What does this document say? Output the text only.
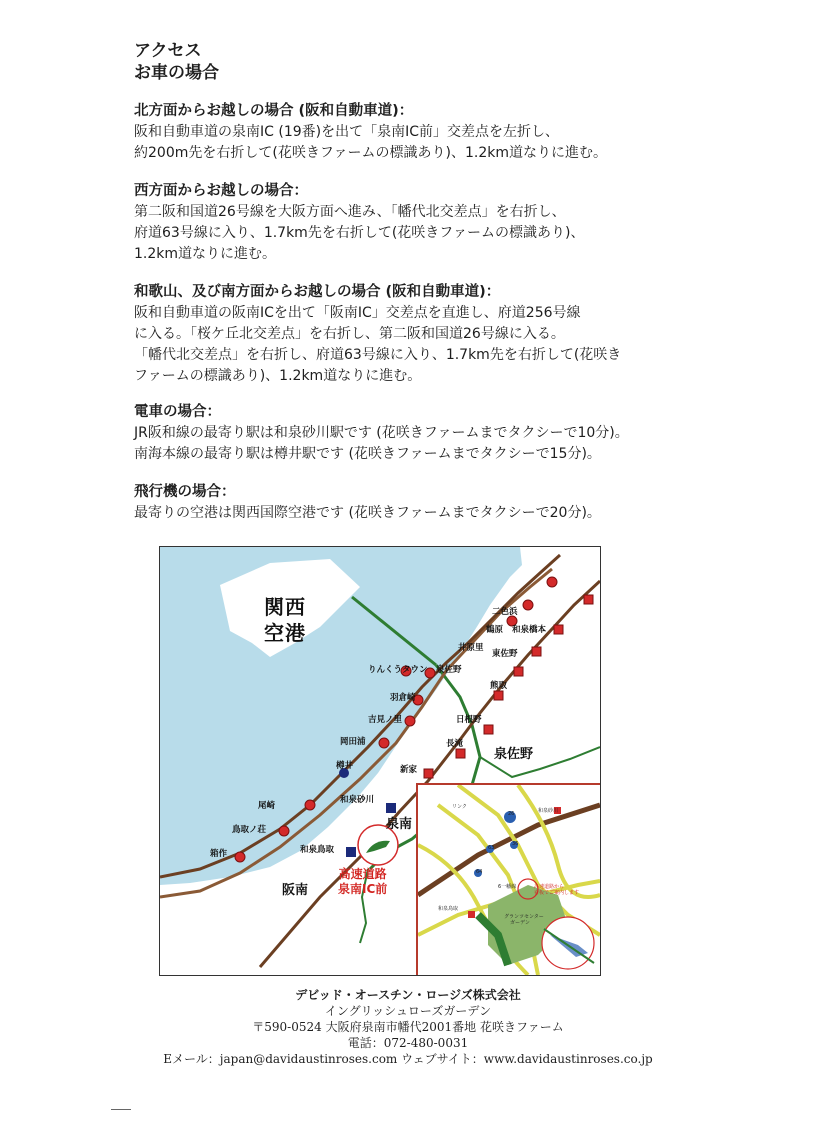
アクセス
お車の場合

北方面からお越しの場合 (阪和自動車道)：

阪和自動車道の泉南IC (19番)を出て「泉南IC前」交差点を左折し、

約200m先を右折して(花咲きファームの標識あり)、1.2km道なりに進む。

西方面からお越しの場合：

第二阪和国道26号線を大阪方面へ進み、「幡代北交差点」を右折し、

府道63号線に入り、1.7km先を右折して(花咲きファームの標識あり)、

1.2km道なりに進む。

和歌山、及び南方面からお越しの場合 (阪和自動車道)：

阪和自動車道の阪南ICを出て「阪南IC」交差点を直進し、府道256号線

に入る。「桜ケ丘北交差点」を右折し、第二阪和国道26号線に入る。

「幡代北交差点」を右折し、府道63号線に入り、1.7km先を右折して(花咲き

ファームの標識あり)、1.2km道なりに進む。

電車の場合：

JR阪和線の最寄り駅は和泉砂川駅です (花咲きファームまでタクシーで10分)。

南海本線の最寄り駅は樽井駅です (花咲きファームまでタクシーで15分)。

飛行機の場合：

最寄りの空港は関西国際空港です (花咲きファームまでタクシーで20分)。

関西
空港
二色浜
鶴原 和泉橋本
井原里
東佐野
りんくうタウン 泉佐野
熊取
羽倉崎
吉見ノ里	日根野
岡田浦	長滝
泉佐野
樽井	新家
和泉砂川
尾崎
泉南
鳥取ノ荘
和泉鳥取
箱作
阪南
高速道路
泉南IC前
26
63
36
64
リンク
和泉砂川
和泉鳥取
6一幡線	高速道路から
看板でご案内します
グランツセンター
ガーデン

デビッド・オースチン・ロージズ株式会社

イングリッシュローズガーデン

〒590-0524 大阪府泉南市幡代2001番地 花咲きファーム

電話：072-480-0031

Eメール：japan@davidaustinroses.com ウェブサイト：www.davidaustinroses.co.jp
